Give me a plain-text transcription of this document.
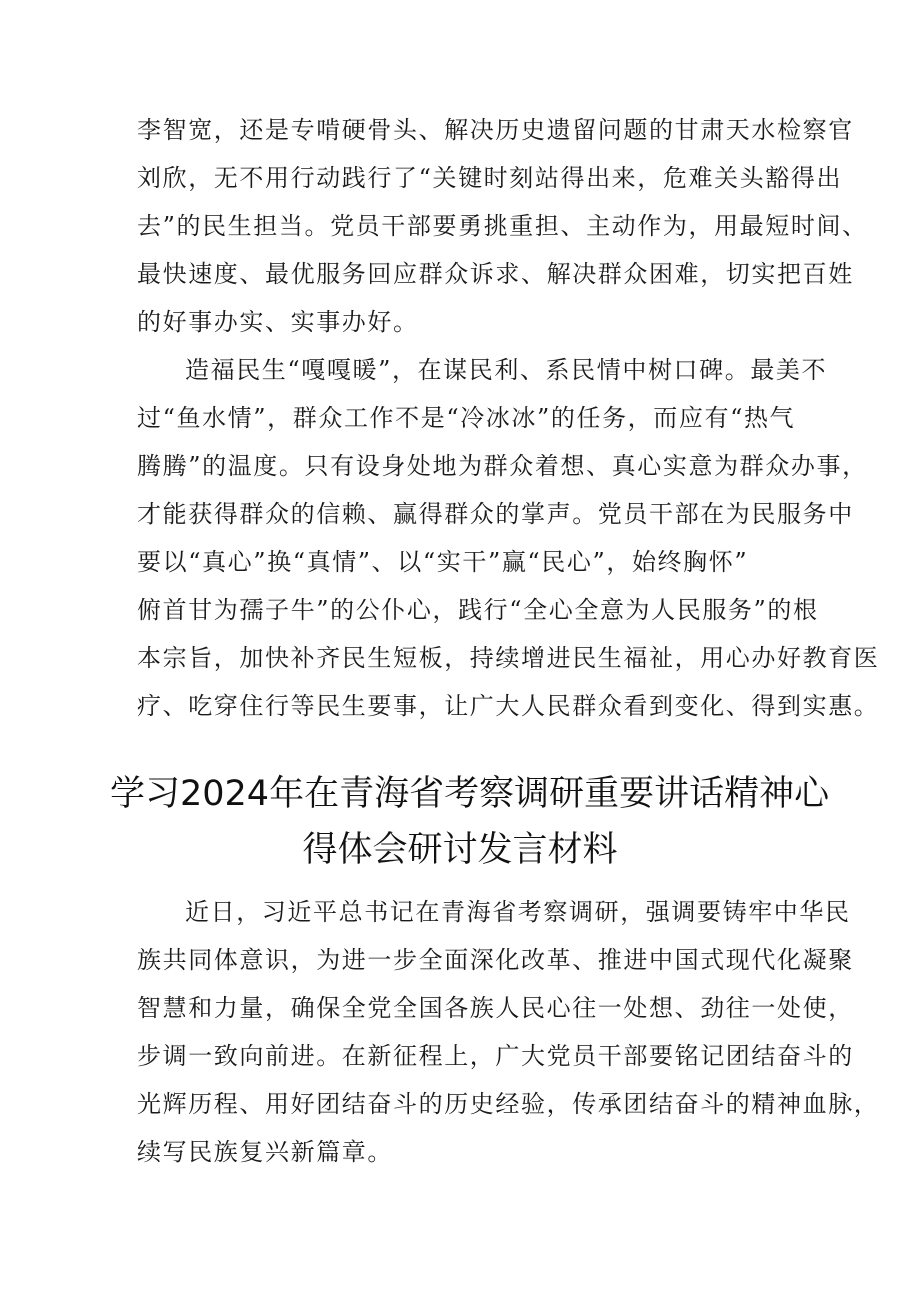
李智宽，还是专啃硬骨头、解决历史遗留问题的甘肃天水检察官
刘欣，无不用行动践行了“关键时刻站得出来，危难关头豁得出
去”的民生担当。党员干部要勇挑重担、主动作为，用最短时间、
最快速度、最优服务回应群众诉求、解决群众困难，切实把百姓
的好事办实、实事办好。

造福民生“嘎嘎暖”，在谋民利、系民情中树口碑。最美不
过“鱼水情”，群众工作不是“冷冰冰”的任务，而应有“热气
腾腾”的温度。只有设身处地为群众着想、真心实意为群众办事，
才能获得群众的信赖、赢得群众的掌声。党员干部在为民服务中
要以“真心”换“真情”、以“实干”赢“民心”，始终胸怀”
俯首甘为孺子牛”的公仆心，践行“全心全意为人民服务”的根
本宗旨，加快补齐民生短板，持续增进民生福祉，用心办好教育医
疗、吃穿住行等民生要事，让广大人民群众看到变化、得到实惠。

学习2024年在青海省考察调研重要讲话精神心
得体会研讨发言材料

近日，习近平总书记在青海省考察调研，强调要铸牢中华民
族共同体意识，为进一步全面深化改革、推进中国式现代化凝聚
智慧和力量，确保全党全国各族人民心往一处想、劲往一处使，
步调一致向前进。在新征程上，广大党员干部要铭记团结奋斗的
光辉历程、用好团结奋斗的历史经验，传承团结奋斗的精神血脉，
续写民族复兴新篇章。
